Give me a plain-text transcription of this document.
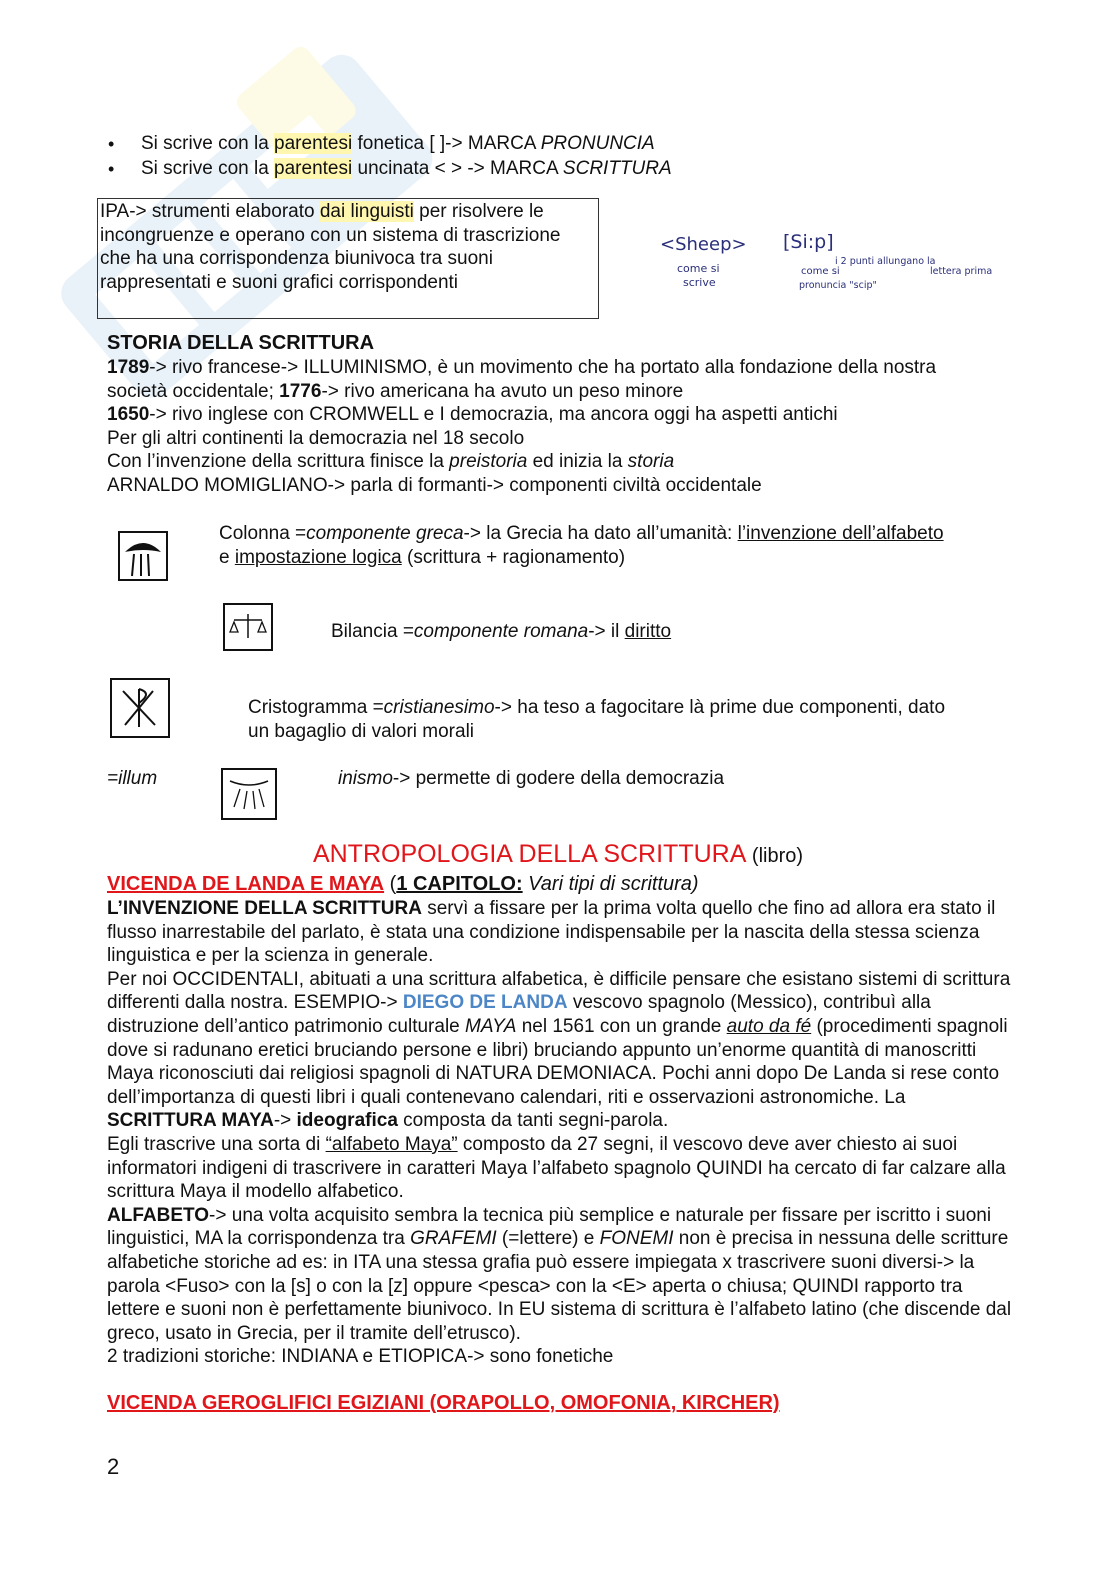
• Si scrive con la parentesi fonetica [ ]-> MARCA PRONUNCIA
• Si scrive con la parentesi uncinata < > -> MARCA SCRITTURA
IPA-> strumenti elaborato dai linguisti per risolvere le
incongruenze e operano con un sistema di trascrizione
che ha una corrispondenza biunivoca tra suoni
rappresentati e suoni grafici corrispondenti
<Sheep>
come si
scrive
[Si:p]
i 2 punti allungano la
lettera prima
come si
pronuncia "scip"
STORIA DELLA SCRITTURA
1789-> rivo francese-> ILLUMINISMO, è un movimento che ha portato alla fondazione della nostra
società occidentale; 1776-> rivo americana ha avuto un peso minore
1650-> rivo inglese con CROMWELL e I democrazia, ma ancora oggi ha aspetti antichi
Per gli altri continenti la democrazia nel 18 secolo
Con l’invenzione della scrittura finisce la preistoria ed inizia la storia
ARNALDO MOMIGLIANO-> parla di formanti-> componenti civiltà occidentale
Colonna =componente greca-> la Grecia ha dato all’umanità: l’invenzione dell’alfabeto
e impostazione logica (scrittura + ragionamento)
Bilancia =componente romana-> il diritto
Cristogramma =cristianesimo-> ha teso a fagocitare là prime due componenti, dato
un bagaglio di valori morali
=illum	inismo-> permette di godere della democrazia
ANTROPOLOGIA DELLA SCRITTURA (libro)
VICENDA DE LANDA E MAYA (1 CAPITOLO: Vari tipi di scrittura)

L’INVENZIONE DELLA SCRITTURA servì a fissare per la prima volta quello che fino ad allora era stato il flusso inarrestabile del parlato, è stata una condizione indispensabile per la nascita della stessa scienza linguistica e per la scienza in generale.

Per noi OCCIDENTALI, abituati a una scrittura alfabetica, è difficile pensare che esistano sistemi di scrittura differenti dalla nostra. ESEMPIO-> DIEGO DE LANDA vescovo spagnolo (Messico), contribuì alla distruzione dell’antico patrimonio culturale MAYA nel 1561 con un grande auto da fé (procedimenti spagnoli dove si radunano eretici bruciando persone e libri) bruciando appunto un’enorme quantità di manoscritti Maya riconosciuti dai religiosi spagnoli di NATURA DEMONIACA. Pochi anni dopo De Landa si rese conto dell’importanza di questi libri i quali contenevano calendari, riti e osservazioni astronomiche. La SCRITTURA MAYA-> ideografica composta da tanti segni-parola.

Egli trascrive una sorta di “alfabeto Maya” composto da 27 segni, il vescovo deve aver chiesto ai suoi informatori indigeni di trascrivere in caratteri Maya l’alfabeto spagnolo QUINDI ha cercato di far calzare alla scrittura Maya il modello alfabetico.

ALFABETO-> una volta acquisito sembra la tecnica più semplice e naturale per fissare per iscritto i suoni linguistici, MA la corrispondenza tra GRAFEMI (=lettere) e FONEMI non è precisa in nessuna delle scritture alfabetiche storiche ad es: in ITA una stessa grafia può essere impiegata x trascrivere suoni diversi-> la parola <Fuso> con la [s] o con la [z] oppure <pesca> con la <E> aperta o chiusa; QUINDI rapporto tra lettere e suoni non è perfettamente biunivoco. In EU sistema di scrittura è l’alfabeto latino (che discende dal greco, usato in Grecia, per il tramite dell’etrusco).

2 tradizioni storiche: INDIANA e ETIOPICA-> sono fonetiche

VICENDA GEROGLIFICI EGIZIANI (ORAPOLLO, OMOFONIA, KIRCHER)
2
